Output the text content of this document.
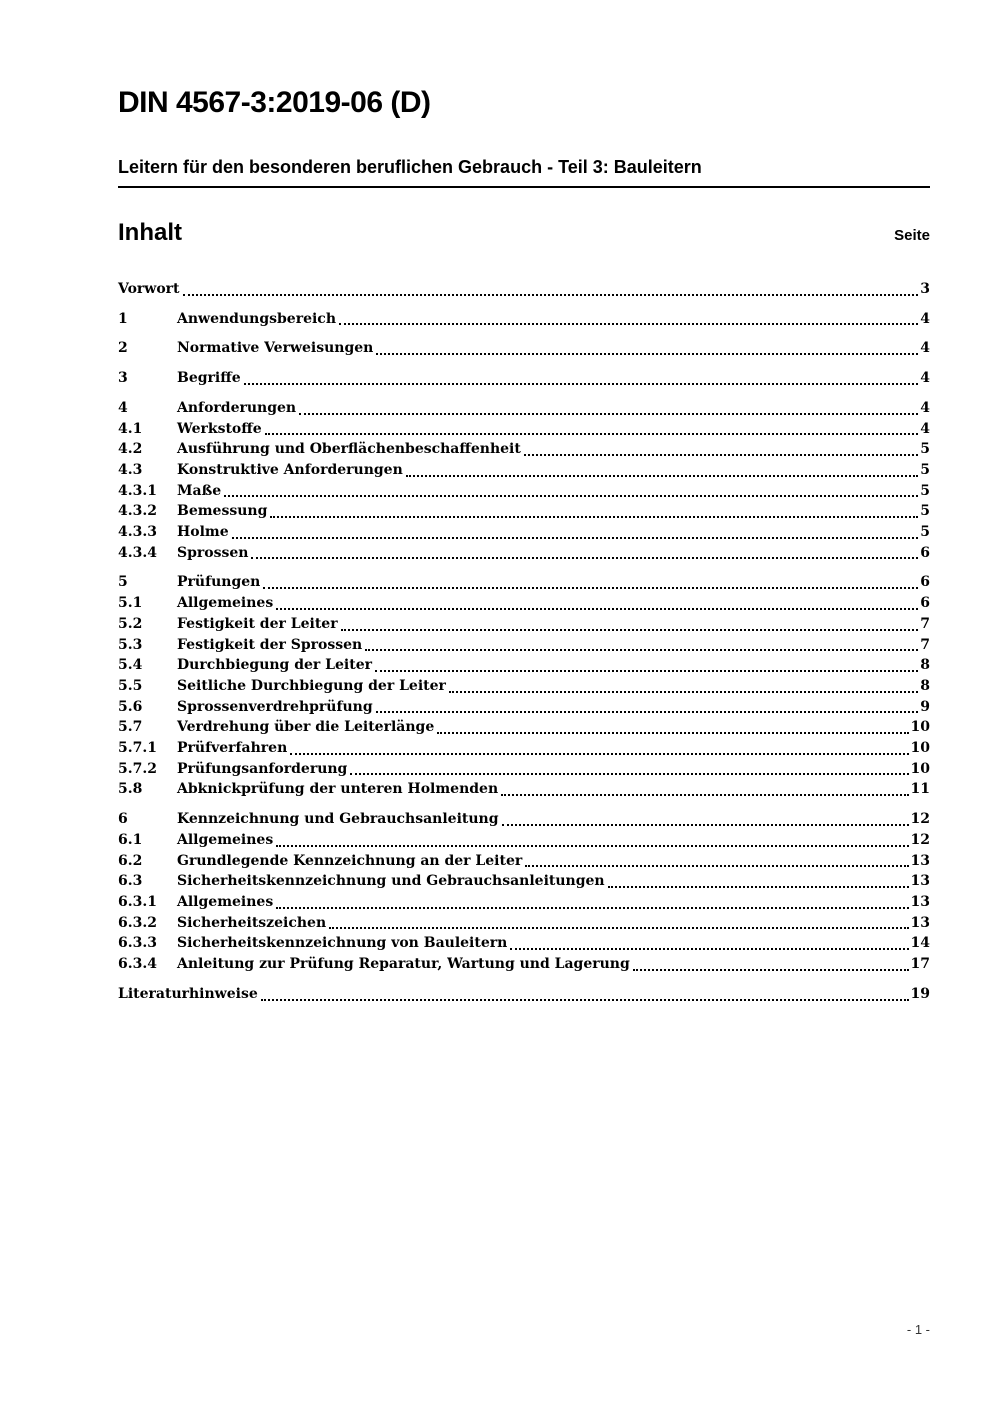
DIN 4567-3:2019-06 (D)
Leitern für den besonderen beruflichen Gebrauch - Teil 3: Bauleitern
Inhalt	Seite
Vorwort	3
1	Anwendungsbereich	4
2	Normative Verweisungen	4
3	Begriffe	4
4	Anforderungen	4
4.1	Werkstoffe	4
4.2	Ausführung und Oberflächenbeschaffenheit	5
4.3	Konstruktive Anforderungen	5
4.3.1	Maße	5
4.3.2	Bemessung	5
4.3.3	Holme	5
4.3.4	Sprossen	6
5	Prüfungen	6
5.1	Allgemeines	6
5.2	Festigkeit der Leiter	7
5.3	Festigkeit der Sprossen	7
5.4	Durchbiegung der Leiter	8
5.5	Seitliche Durchbiegung der Leiter	8
5.6	Sprossenverdrehprüfung	9
5.7	Verdrehung über die Leiterlänge	10
5.7.1	Prüfverfahren	10
5.7.2	Prüfungsanforderung	10
5.8	Abknickprüfung der unteren Holmenden	11
6	Kennzeichnung und Gebrauchsanleitung	12
6.1	Allgemeines	12
6.2	Grundlegende Kennzeichnung an der Leiter	13
6.3	Sicherheitskennzeichnung und Gebrauchsanleitungen	13
6.3.1	Allgemeines	13
6.3.2	Sicherheitszeichen	13
6.3.3	Sicherheitskennzeichnung von Bauleitern	14
6.3.4	Anleitung zur Prüfung Reparatur, Wartung und Lagerung	17
Literaturhinweise	19
- 1 -
